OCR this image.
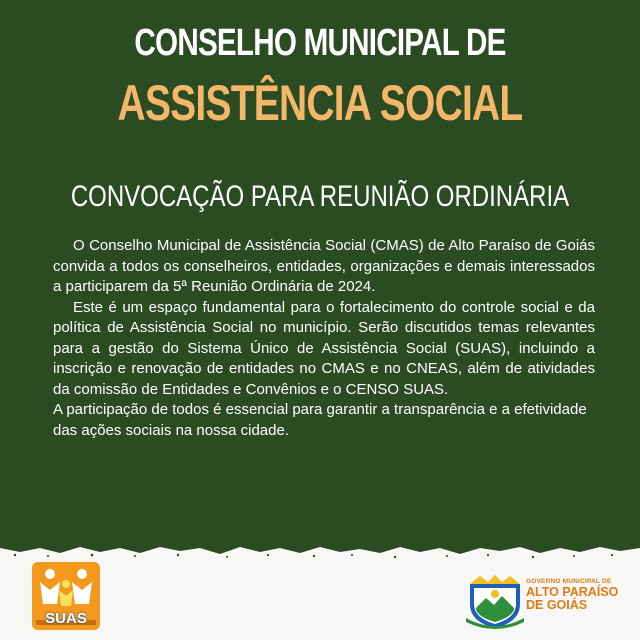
CONSELHO MUNICIPAL DE
ASSISTÊNCIA SOCIAL
CONVOCAÇÃO PARA REUNIÃO ORDINÁRIA

O Conselho Municipal de Assistência Social (CMAS) de Alto Paraíso de Goiás convida a todos os conselheiros, entidades, organizações e demais interessados a participarem da 5ª Reunião Ordinária de 2024.

Este é um espaço fundamental para o fortalecimento do controle social e da política de Assistência Social no município. Serão discutidos temas relevantes para a gestão do Sistema Único de Assistência Social (SUAS), incluindo a inscrição e renovação de entidades no CMAS e no CNEAS, além de atividades da comissão de Entidades e Convênios e o CENSO SUAS.

A participação de todos é essencial para garantir a transparência e a efetividade das ações sociais na nossa cidade.

SUAS
GOVERNO MUNICIPAL DE
ALTO PARAÍSO
DE GOIÁS
